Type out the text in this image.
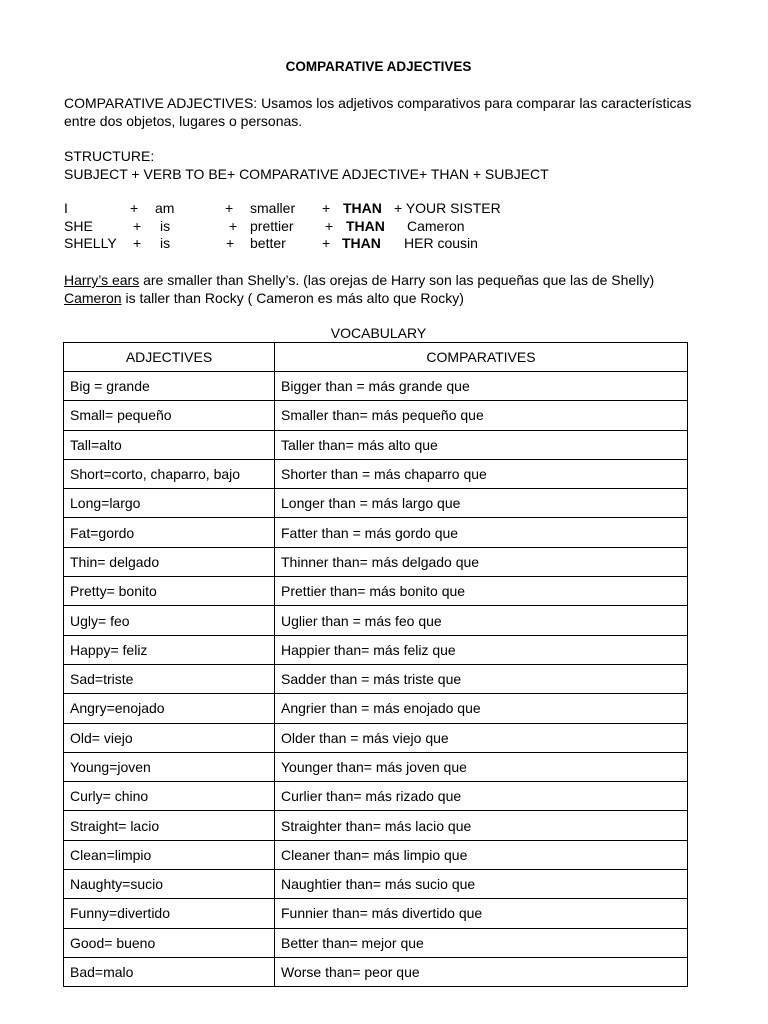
COMPARATIVE ADJECTIVES
COMPARATIVE ADJECTIVES: Usamos los adjetivos comparativos para comparar las características entre dos objetos, lugares o personas.
STRUCTURE:
SUBJECT + VERB TO BE+ COMPARATIVE ADJECTIVE+ THAN + SUBJECT
I	+ am	+ smaller + THAN + YOUR SISTER
SHE	+ is	+ prettier + THAN Cameron
SHELLY + is	+ better	+ THAN HER cousin
Harry’s ears are smaller than Shelly’s. (las orejas de Harry son las pequeñas que las de Shelly)
Cameron is taller than Rocky ( Cameron es más alto que Rocky)
VOCABULARY
ADJECTIVES	COMPARATIVES
Big = grande	Bigger than = más grande que
Small= pequeño	Smaller than= más pequeño que
Tall=alto	Taller than= más alto que
Short=corto, chaparro, bajo	Shorter than = más chaparro que
Long=largo	Longer than = más largo que
Fat=gordo	Fatter than = más gordo que
Thin= delgado	Thinner than= más delgado que
Pretty= bonito	Prettier than= más bonito que
Ugly= feo	Uglier than = más feo que
Happy= feliz	Happier than= más feliz que
Sad=triste	Sadder than = más triste que
Angry=enojado	Angrier than = más enojado que
Old= viejo	Older than = más viejo que
Young=joven	Younger than= más joven que
Curly= chino	Curlier than= más rizado que
Straight= lacio	Straighter than= más lacio que
Clean=limpio	Cleaner than= más limpio que
Naughty=sucio	Naughtier than= más sucio que
Funny=divertido	Funnier than= más divertido que
Good= bueno	Better than= mejor que
Bad=malo	Worse than= peor que
